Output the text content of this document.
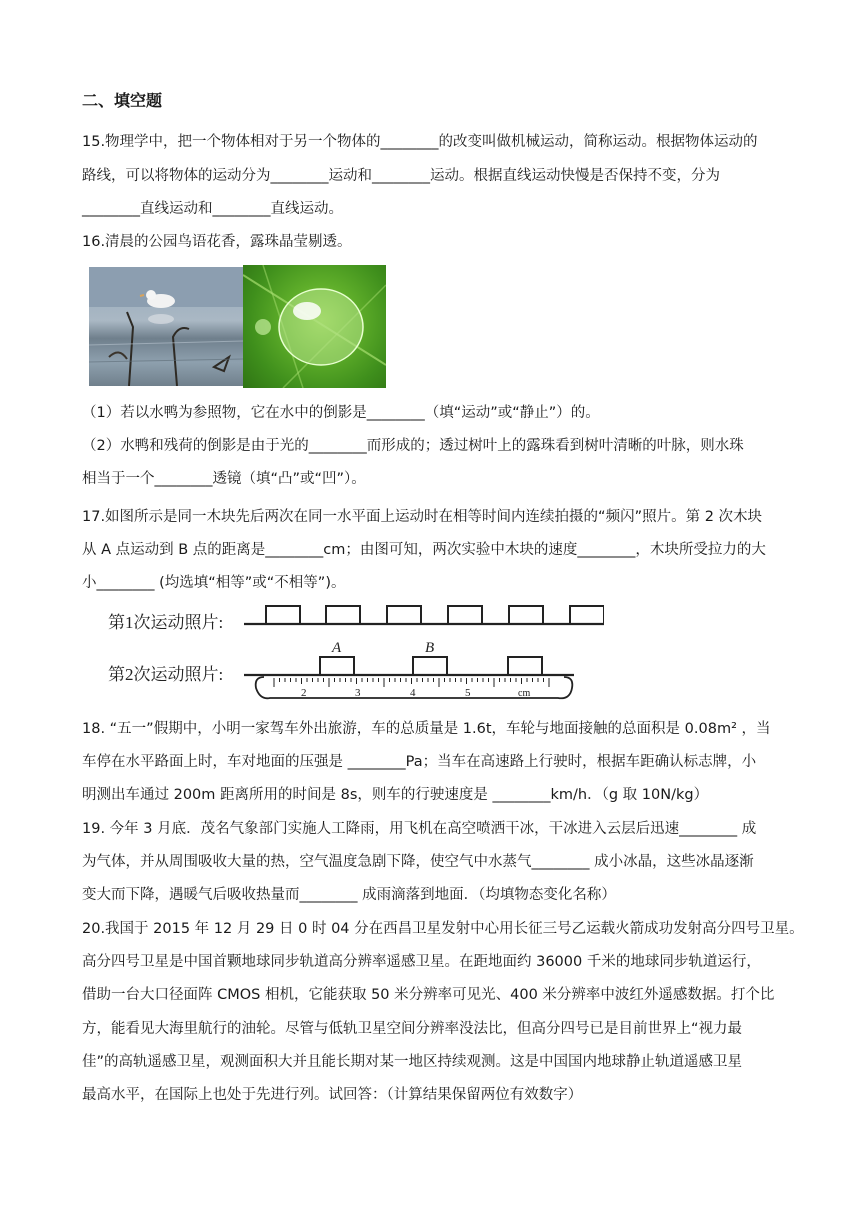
二、填空题
15.物理学中，把一个物体相对于另一个物体的________的改变叫做机械运动，简称运动。根据物体运动的
路线，可以将物体的运动分为________运动和________运动。根据直线运动快慢是否保持不变，分为
________直线运动和________直线运动。
16.清晨的公园鸟语花香，露珠晶莹剔透。
（1）若以水鸭为参照物，它在水中的倒影是________（填“运动”或“静止”）的。
（2）水鸭和残荷的倒影是由于光的________而形成的；透过树叶上的露珠看到树叶清晰的叶脉，则水珠
相当于一个________透镜（填“凸”或“凹”）。
17.如图所示是同一木块先后两次在同一水平面上运动时在相等时间内连续拍摄的“频闪”照片。第 2 次木块
从 A 点运动到 B 点的距离是________cm；由图可知，两次实验中木块的速度________，木块所受拉力的大
小________ (均选填“相等”或“不相等”)。
第1次运动照片:
第2次运动照片:
A	B
2	3	4	5	cm
18. “五一”假期中，小明一家驾车外出旅游，车的总质量是 1.6t，车轮与地面接触的总面积是 0.08m² ，当
车停在水平路面上时，车对地面的压强是 ________Pa；当车在高速路上行驶时，根据车距确认标志牌，小
明测出车通过 200m 距离所用的时间是 8s，则车的行驶速度是 ________km/h．（g 取 10N/kg）
19. 今年 3 月底．茂名气象部门实施人工降雨，用飞机在高空喷洒干冰，干冰进入云层后迅速________ 成
为气体，并从周围吸收大量的热，空气温度急剧下降，使空气中水蒸气________ 成小冰晶，这些冰晶逐渐
变大而下降，遇暖气后吸收热量而________ 成雨滴落到地面．（均填物态变化名称）
20.我国于 2015 年 12 月 29 日 0 时 04 分在西昌卫星发射中心用长征三号乙运载火箭成功发射高分四号卫星。
高分四号卫星是中国首颗地球同步轨道高分辨率遥感卫星。在距地面约 36000 千米的地球同步轨道运行，
借助一台大口径面阵 CMOS 相机，它能获取 50 米分辨率可见光、400 米分辨率中波红外遥感数据。打个比
方，能看见大海里航行的油轮。尽管与低轨卫星空间分辨率没法比，但高分四号已是目前世界上“视力最
佳”的高轨遥感卫星，观测面积大并且能长期对某一地区持续观测。这是中国国内地球静止轨道遥感卫星
最高水平，在国际上也处于先进行列。试回答：（计算结果保留两位有效数字）
